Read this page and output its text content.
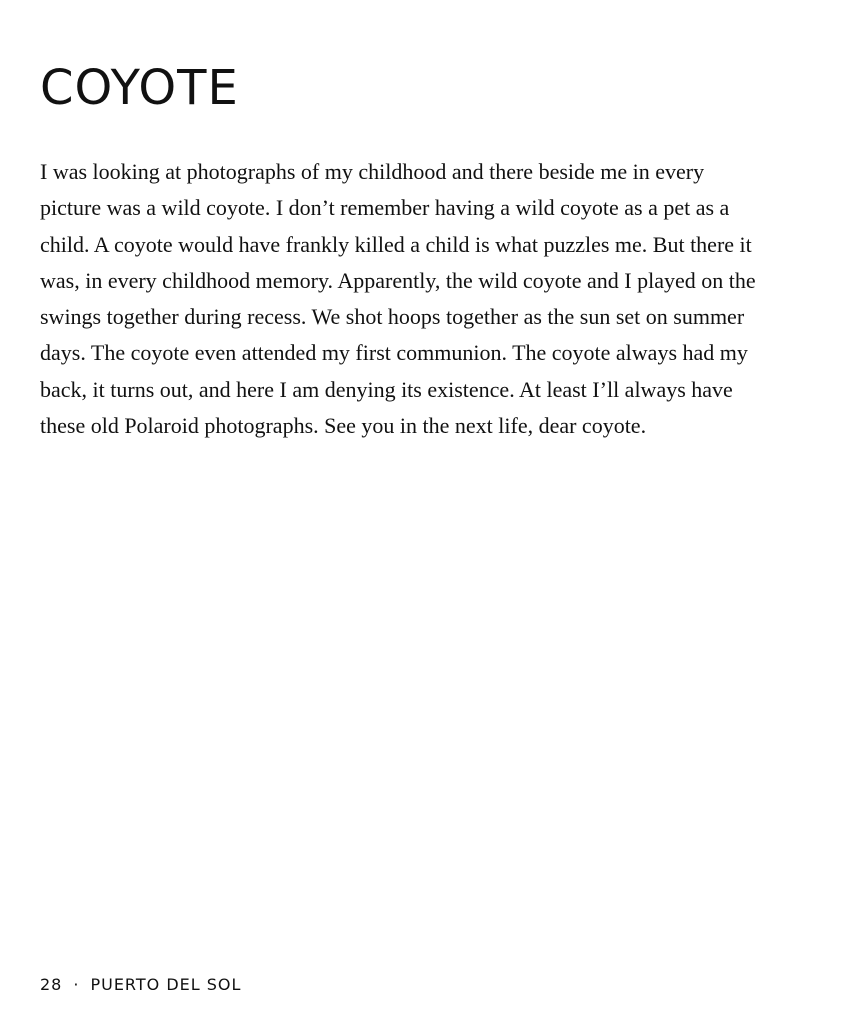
COYOTE
I was looking at photographs of my childhood and there beside me in every
picture was a wild coyote. I don’t remember having a wild coyote as a pet as a
child. A coyote would have frankly killed a child is what puzzles me. But there it
was, in every childhood memory. Apparently, the wild coyote and I played on the
swings together during recess. We shot hoops together as the sun set on summer
days. The coyote even attended my first communion. The coyote always had my
back, it turns out, and here I am denying its existence. At least I’ll always have
these old Polaroid photographs. See you in the next life, dear coyote.
28 · PUERTO DEL SOL
